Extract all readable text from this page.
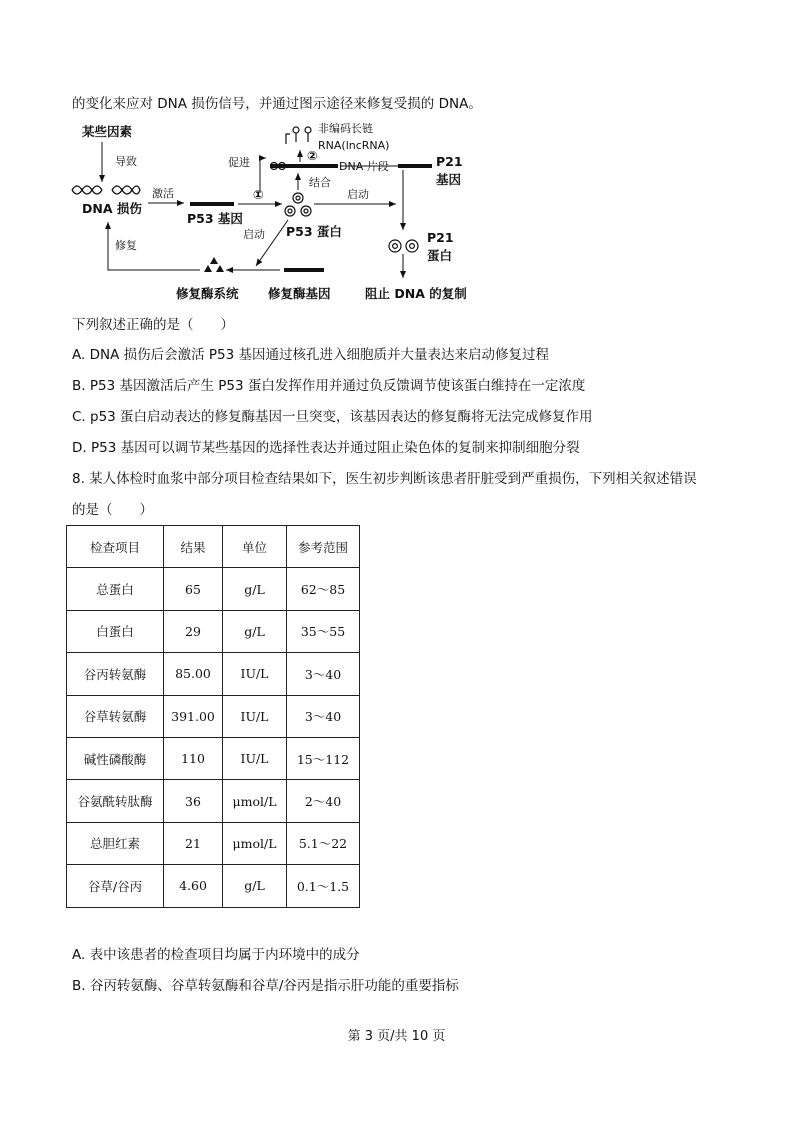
的变化来应对 DNA 损伤信号，并通过图示途径来修复受损的 DNA。
某些因素
导致
DNA 损伤
激活
P53 基因
促进
①
非编码长链
RNA(lncRNA)
②
DNA 片段
结合
P21
基因
启动
P53 蛋白
启动	P21
蛋白
修复
修复酶系统 修复酶基因	阻止 DNA 的复制
下列叙述正确的是（　　）
A. DNA 损伤后会激活 P53 基因通过核孔进入细胞质并大量表达来启动修复过程
B. P53 基因激活后产生 P53 蛋白发挥作用并通过负反馈调节使该蛋白维持在一定浓度
C. p53 蛋白启动表达的修复酶基因一旦突变，该基因表达的修复酶将无法完成修复作用
D. P53 基因可以调节某些基因的选择性表达并通过阻止染色体的复制来抑制细胞分裂
8. 某人体检时血浆中部分项目检查结果如下，医生初步判断该患者肝脏受到严重损伤，下列相关叙述错误
的是（　　）
检查项目	结果	单位	参考范围
总蛋白	65	g/L	62～85
白蛋白	29	g/L	35～55
谷丙转氨酶	85.00	IU/L	3～40
谷草转氨酶	391.00	IU/L	3～40
碱性磷酸酶	110	IU/L	15～112
谷氨酰转肽酶	36	μmol/L	2～40
总胆红素	21	μmol/L	5.1～22
谷草/谷丙	4.60	g/L	0.1～1.5
A. 表中该患者的检查项目均属于内环境中的成分
B. 谷丙转氨酶、谷草转氨酶和谷草/谷丙是指示肝功能的重要指标
第 3 页/共 10 页
